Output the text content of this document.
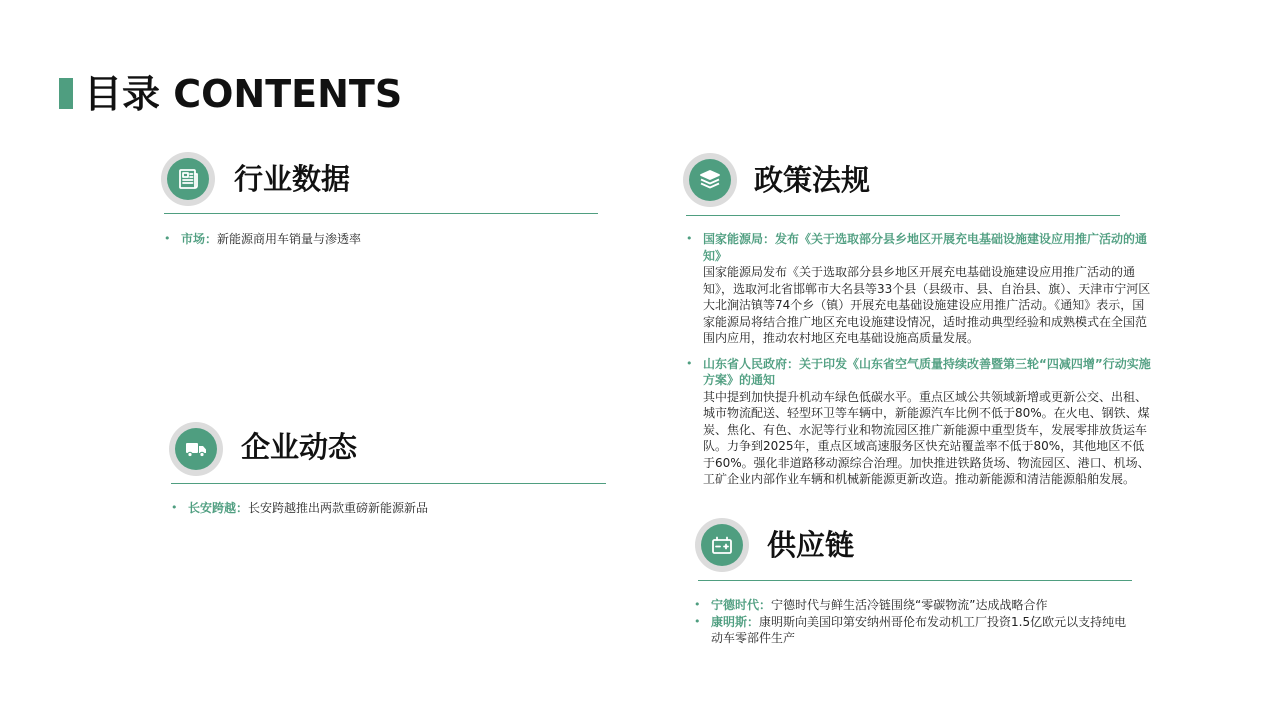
目录 CONTENTS
行业数据
• 市场：新能源商用车销量与渗透率
企业动态
• 长安跨越：长安跨越推出两款重磅新能源新品
政策法规
• 国家能源局：发布《关于选取部分县乡地区开展充电基础设施建设应用推广活动的通知》
国家能源局发布《关于选取部分县乡地区开展充电基础设施建设应用推广活动的通知》，选取河北省邯郸市大名县等33个县（县级市、县、自治县、旗）、天津市宁河区大北涧沽镇等74个乡（镇）开展充电基础设施建设应用推广活动。《通知》表示，国家能源局将结合推广地区充电设施建设情况，适时推动典型经验和成熟模式在全国范围内应用，推动农村地区充电基础设施高质量发展。
• 山东省人民政府：关于印发《山东省空气质量持续改善暨第三轮“四减四增”行动实施方案》的通知
其中提到加快提升机动车绿色低碳水平。重点区域公共领域新增或更新公交、出租、城市物流配送、轻型环卫等车辆中，新能源汽车比例不低于80%。在火电、钢铁、煤炭、焦化、有色、水泥等行业和物流园区推广新能源中重型货车，发展零排放货运车队。力争到2025年，重点区域高速服务区快充站覆盖率不低于80%，其他地区不低于60%。强化非道路移动源综合治理。加快推进铁路货场、物流园区、港口、机场、工矿企业内部作业车辆和机械新能源更新改造。推动新能源和清洁能源船舶发展。
供应链
• 宁德时代：宁德时代与鲜生活冷链围绕“零碳物流”达成战略合作
• 康明斯：康明斯向美国印第安纳州哥伦布发动机工厂投资1.5亿欧元以支持纯电动车零部件生产
